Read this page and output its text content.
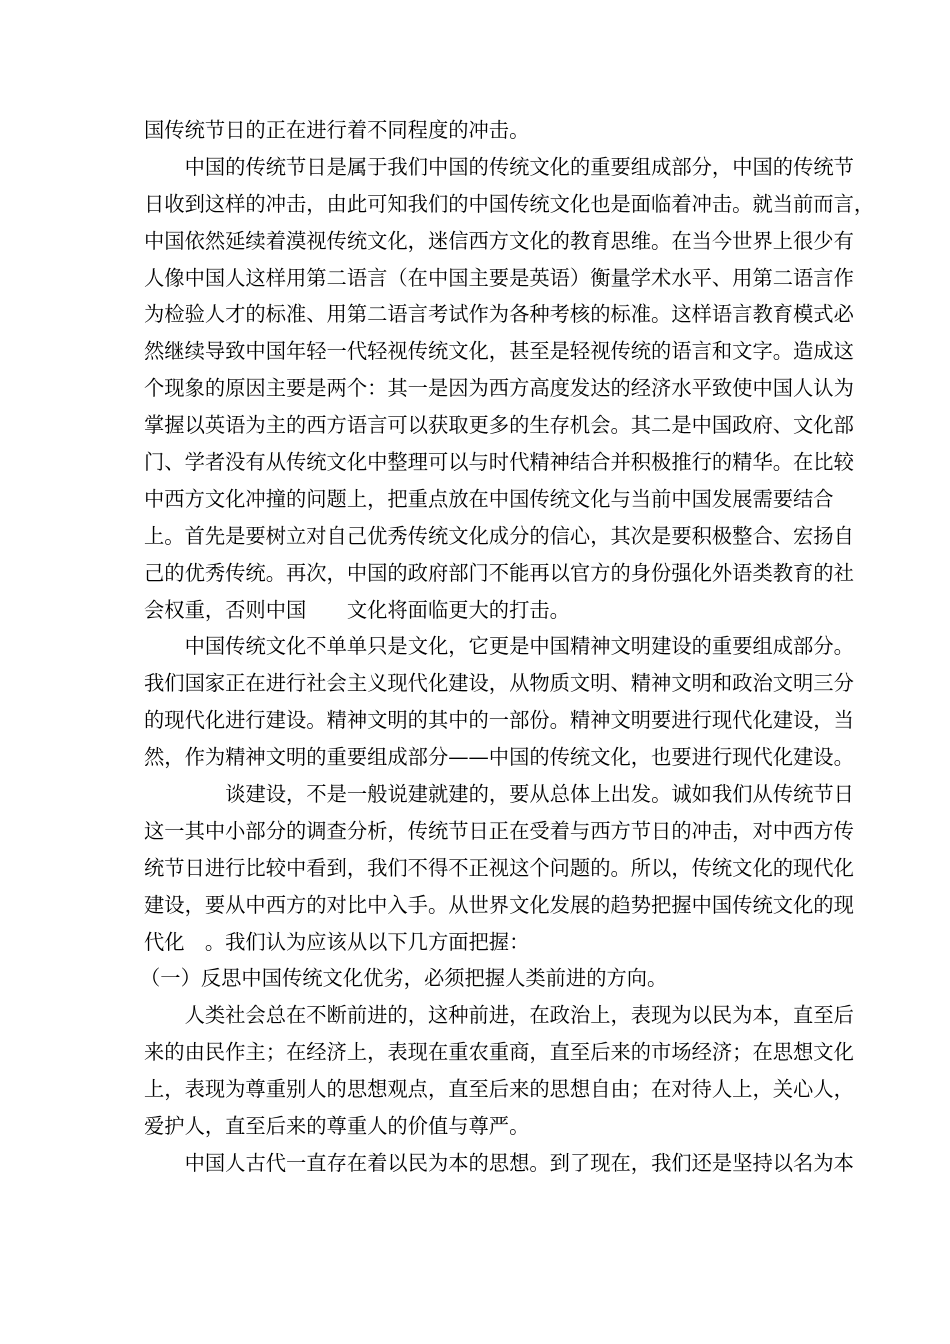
国传统节日的正在进行着不同程度的冲击。
中国的传统节日是属于我们中国的传统文化的重要组成部分，中国的传统节
日收到这样的冲击，由此可知我们的中国传统文化也是面临着冲击。就当前而言，
中国依然延续着漠视传统文化，迷信西方文化的教育思维。在当今世界上很少有
人像中国人这样用第二语言（在中国主要是英语）衡量学术水平、用第二语言作
为检验人才的标准、用第二语言考试作为各种考核的标准。这样语言教育模式必
然继续导致中国年轻一代轻视传统文化，甚至是轻视传统的语言和文字。造成这
个现象的原因主要是两个：其一是因为西方高度发达的经济水平致使中国人认为
掌握以英语为主的西方语言可以获取更多的生存机会。其二是中国政府、文化部
门、学者没有从传统文化中整理可以与时代精神结合并积极推行的精华。在比较
中西方文化冲撞的问题上，把重点放在中国传统文化与当前中国发展需要结合
上。首先是要树立对自己优秀传统文化成分的信心，其次是要积极整合、宏扬自
己的优秀传统。再次，中国的政府部门不能再以官方的身份强化外语类教育的社
会权重，否则中国　　文化将面临更大的打击。
中国传统文化不单单只是文化，它更是中国精神文明建设的重要组成部分。
我们国家正在进行社会主义现代化建设，从物质文明、精神文明和政治文明三分
的现代化进行建设。精神文明的其中的一部份。精神文明要进行现代化建设，当
然，作为精神文明的重要组成部分——中国的传统文化，也要进行现代化建设。
谈建设，不是一般说建就建的，要从总体上出发。诚如我们从传统节日
这一其中小部分的调查分析，传统节日正在受着与西方节日的冲击，对中西方传
统节日进行比较中看到，我们不得不正视这个问题的。所以，传统文化的现代化
建设，要从中西方的对比中入手。从世界文化发展的趋势把握中国传统文化的现
代化　。我们认为应该从以下几方面把握：
（一）反思中国传统文化优劣，必须把握人类前进的方向。
人类社会总在不断前进的，这种前进，在政治上，表现为以民为本，直至后
来的由民作主；在经济上，表现在重农重商，直至后来的市场经济；在思想文化
上，表现为尊重别人的思想观点，直至后来的思想自由；在对待人上，关心人，
爱护人，直至后来的尊重人的价值与尊严。
中国人古代一直存在着以民为本的思想。到了现在，我们还是坚持以名为本
